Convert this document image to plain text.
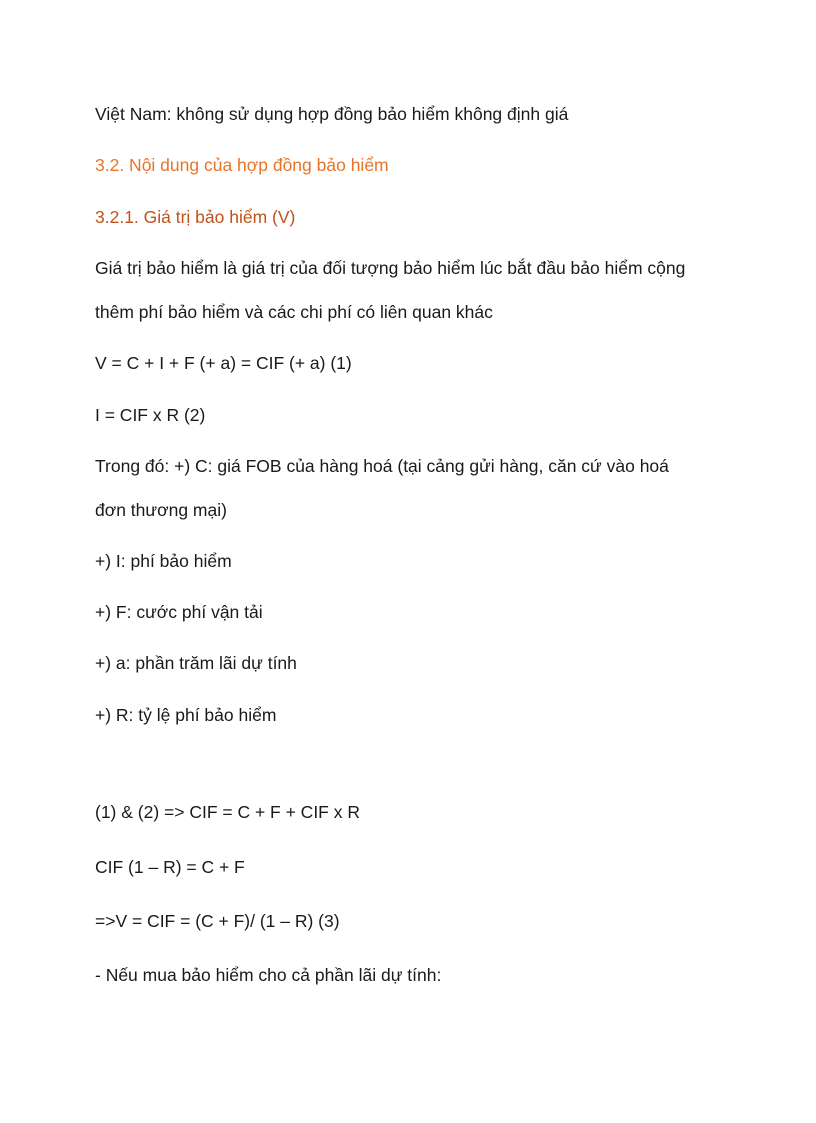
Việt Nam: không sử dụng hợp đồng bảo hiểm không định giá

3.2. Nội dung của hợp đồng bảo hiểm
3.2.1. Giá trị bảo hiểm (V)

Giá trị bảo hiểm là giá trị của đối tượng bảo hiểm lúc bắt đầu bảo hiểm cộng

thêm phí bảo hiểm và các chi phí có liên quan khác

V = C + I + F (+ a) = CIF (+ a) (1)

I = CIF x R (2)

Trong đó: +) C: giá FOB của hàng hoá (tại cảng gửi hàng, căn cứ vào hoá

đơn thương mại)

+) I: phí bảo hiểm

+) F: cước phí vận tải

+) a: phần trăm lãi dự tính

+) R: tỷ lệ phí bảo hiểm

(1) & (2) => CIF = C + F + CIF x R

CIF (1 – R) = C + F

=>V = CIF = (C + F)/ (1 – R) (3)

- Nếu mua bảo hiểm cho cả phần lãi dự tính:
